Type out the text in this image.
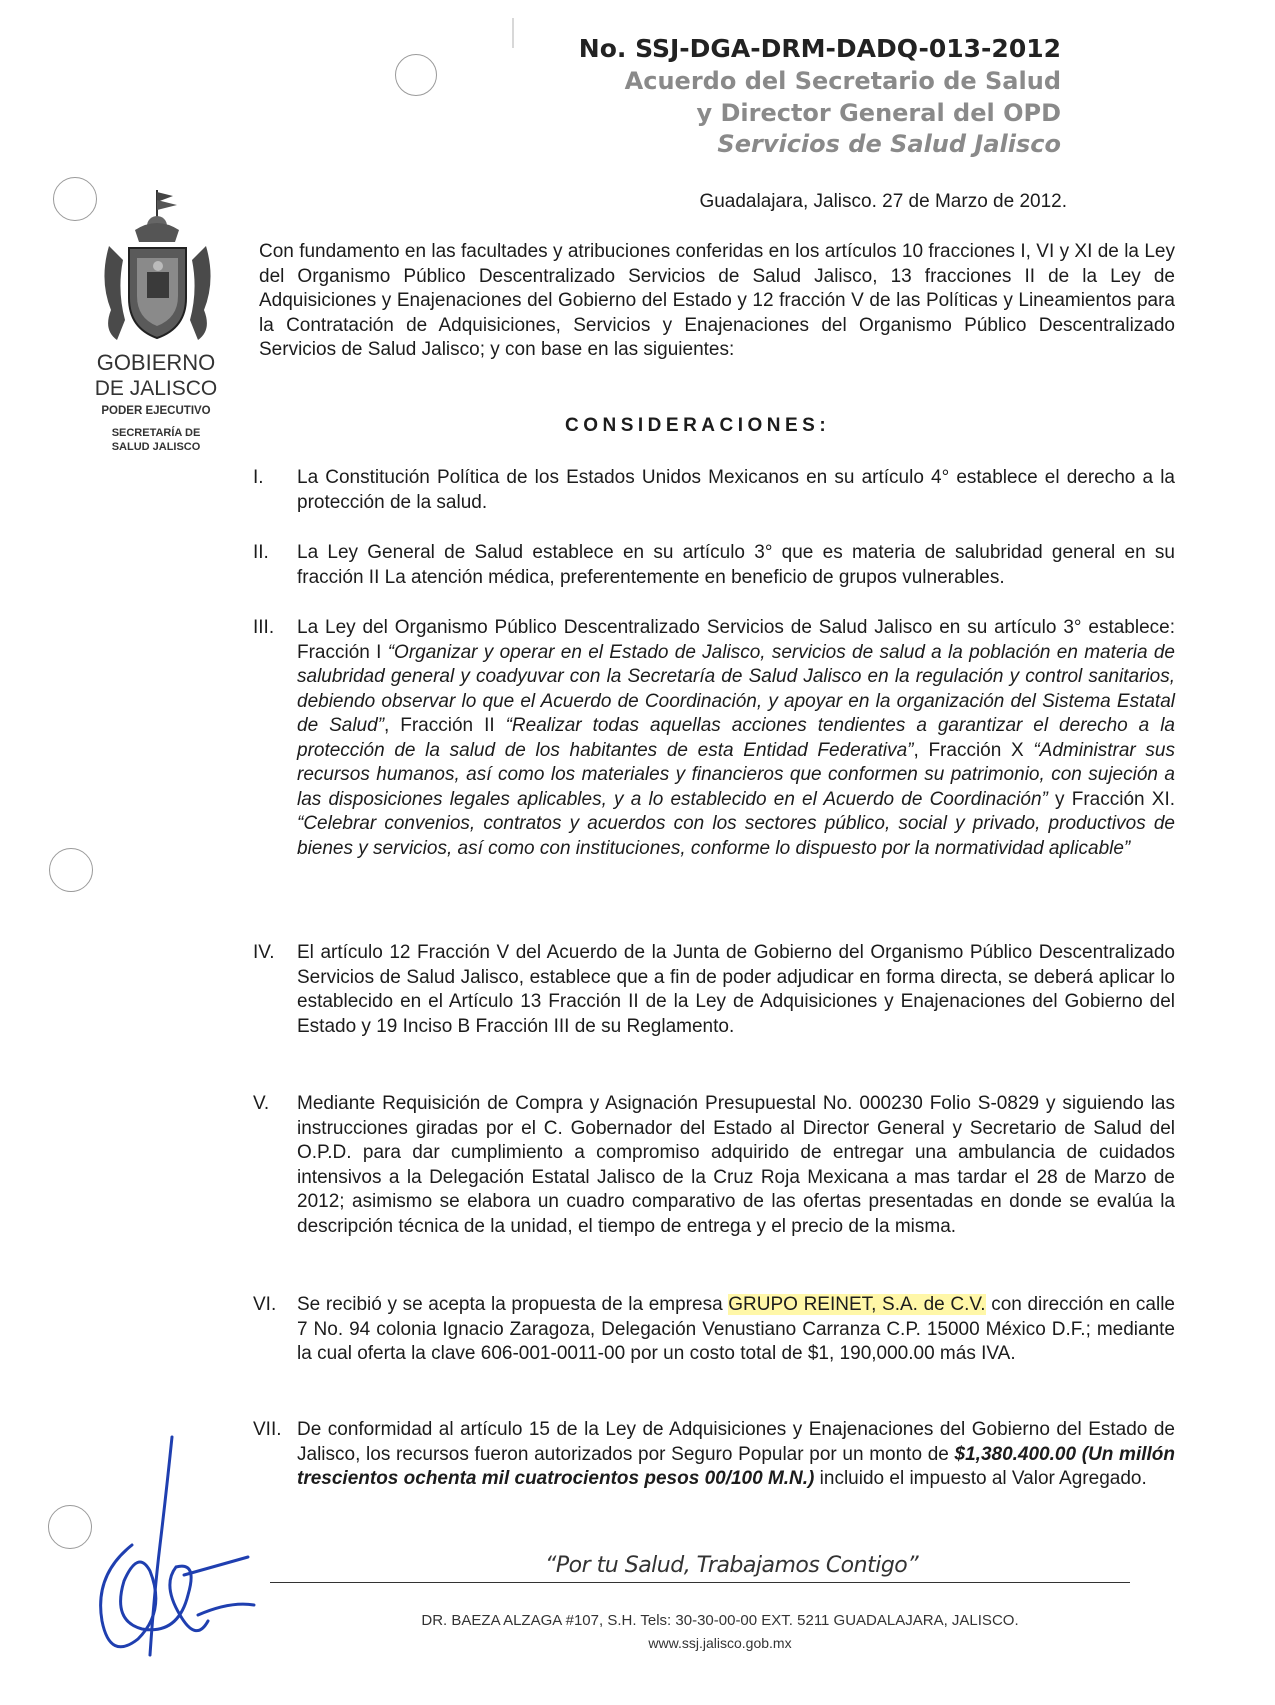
No. SSJ-DGA-DRM-DADQ-013-2012
Acuerdo del Secretario de Salud
y Director General del OPD
Servicios de Salud Jalisco
GOBIERNO
DE JALISCO
PODER EJECUTIVO
SECRETARÍA DE SALUD JALISCO
Guadalajara, Jalisco. 27 de Marzo de 2012.
Con fundamento en las facultades y atribuciones conferidas en los artículos 10 fracciones I, VI y XI de la Ley del Organismo Público Descentralizado Servicios de Salud Jalisco, 13 fracciones II de la Ley de Adquisiciones y Enajenaciones del Gobierno del Estado y 12 fracción V de las Políticas y Lineamientos para la Contratación de Adquisiciones, Servicios y Enajenaciones del Organismo Público Descentralizado Servicios de Salud Jalisco; y con base en las siguientes:
CONSIDERACIONES:
I. La Constitución Política de los Estados Unidos Mexicanos en su artículo 4° establece el derecho a la protección de la salud.
II. La Ley General de Salud establece en su artículo 3° que es materia de salubridad general en su fracción II La atención médica, preferentemente en beneficio de grupos vulnerables.
III. La Ley del Organismo Público Descentralizado Servicios de Salud Jalisco en su artículo 3° establece: Fracción I “Organizar y operar en el Estado de Jalisco, servicios de salud a la población en materia de salubridad general y coadyuvar con la Secretaría de Salud Jalisco en la regulación y control sanitarios, debiendo observar lo que el Acuerdo de Coordinación, y apoyar en la organización del Sistema Estatal de Salud”, Fracción II “Realizar todas aquellas acciones tendientes a garantizar el derecho a la protección de la salud de los habitantes de esta Entidad Federativa”, Fracción X “Administrar sus recursos humanos, así como los materiales y financieros que conformen su patrimonio, con sujeción a las disposiciones legales aplicables, y a lo establecido en el Acuerdo de Coordinación” y Fracción XI. “Celebrar convenios, contratos y acuerdos con los sectores público, social y privado, productivos de bienes y servicios, así como con instituciones, conforme lo dispuesto por la normatividad aplicable”
IV. El artículo 12 Fracción V del Acuerdo de la Junta de Gobierno del Organismo Público Descentralizado Servicios de Salud Jalisco, establece que a fin de poder adjudicar en forma directa, se deberá aplicar lo establecido en el Artículo 13 Fracción II de la Ley de Adquisiciones y Enajenaciones del Gobierno del Estado y 19 Inciso B Fracción III de su Reglamento.
V. Mediante Requisición de Compra y Asignación Presupuestal No. 000230 Folio S-0829 y siguiendo las instrucciones giradas por el C. Gobernador del Estado al Director General y Secretario de Salud del O.P.D. para dar cumplimiento a compromiso adquirido de entregar una ambulancia de cuidados intensivos a la Delegación Estatal Jalisco de la Cruz Roja Mexicana a mas tardar el 28 de Marzo de 2012; asimismo se elabora un cuadro comparativo de las ofertas presentadas en donde se evalúa la descripción técnica de la unidad, el tiempo de entrega y el precio de la misma.
VI. Se recibió y se acepta la propuesta de la empresa GRUPO REINET, S.A. de C.V. con dirección en calle 7 No. 94 colonia Ignacio Zaragoza, Delegación Venustiano Carranza C.P. 15000 México D.F.; mediante la cual oferta la clave 606-001-0011-00 por un costo total de $1, 190,000.00 más IVA.
VII. De conformidad al artículo 15 de la Ley de Adquisiciones y Enajenaciones del Gobierno del Estado de Jalisco, los recursos fueron autorizados por Seguro Popular por un monto de $1,380.400.00 (Un millón trescientos ochenta mil cuatrocientos pesos 00/100 M.N.) incluido el impuesto al Valor Agregado.
“Por tu Salud, Trabajamos Contigo”
DR. BAEZA ALZAGA #107, S.H. Tels: 30-30-00-00 EXT. 5211 GUADALAJARA, JALISCO.
www.ssj.jalisco.gob.mx
